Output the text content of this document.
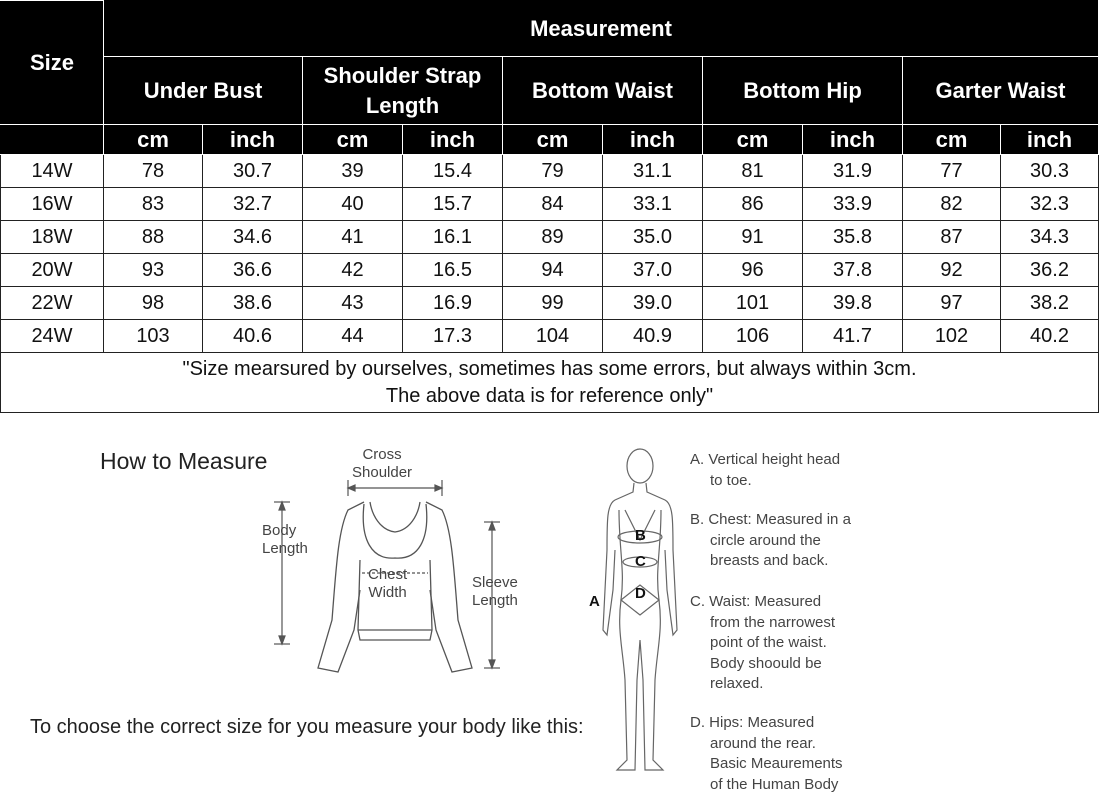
Size	Measurement									

	Under Bust		Shoulder Strap
Length		Bottom Waist		Bottom Hip		Garter Waist	

	cm	inch	cm	inch	cm	inch	cm	inch	cm	inch
14W	78	30.7	39	15.4	79	31.1	81	31.9	77	30.3
16W	83	32.7	40	15.7	84	33.1	86	33.9	82	32.3
18W	88	34.6	41	16.1	89	35.0	91	35.8	87	34.3
20W	93	36.6	42	16.5	94	37.0	96	37.8	92	36.2
22W	98	38.6	43	16.9	99	39.0	101	39.8	97	38.2
24W	103	40.6	44	17.3	104	40.9	106	41.7	102	40.2

"Size mearsured by ourselves, sometimes has some errors, but always within 3cm.
The above data is for reference only"										
How to Measure
To choose the correct size for you measure your body like this:
Cross
Shoulder
Body
Length
Chest
Width
Sleeve
Length
B
C
A D
A. Vertical height head
to toe.
B. Chest: Measured in a
circle around the
breasts and back.
C. Waist: Measured
from the narrowest
point of the waist.
Body shoould be
relaxed.
D. Hips: Measured
around the rear.
Basic Meaurements
of the Human Body
